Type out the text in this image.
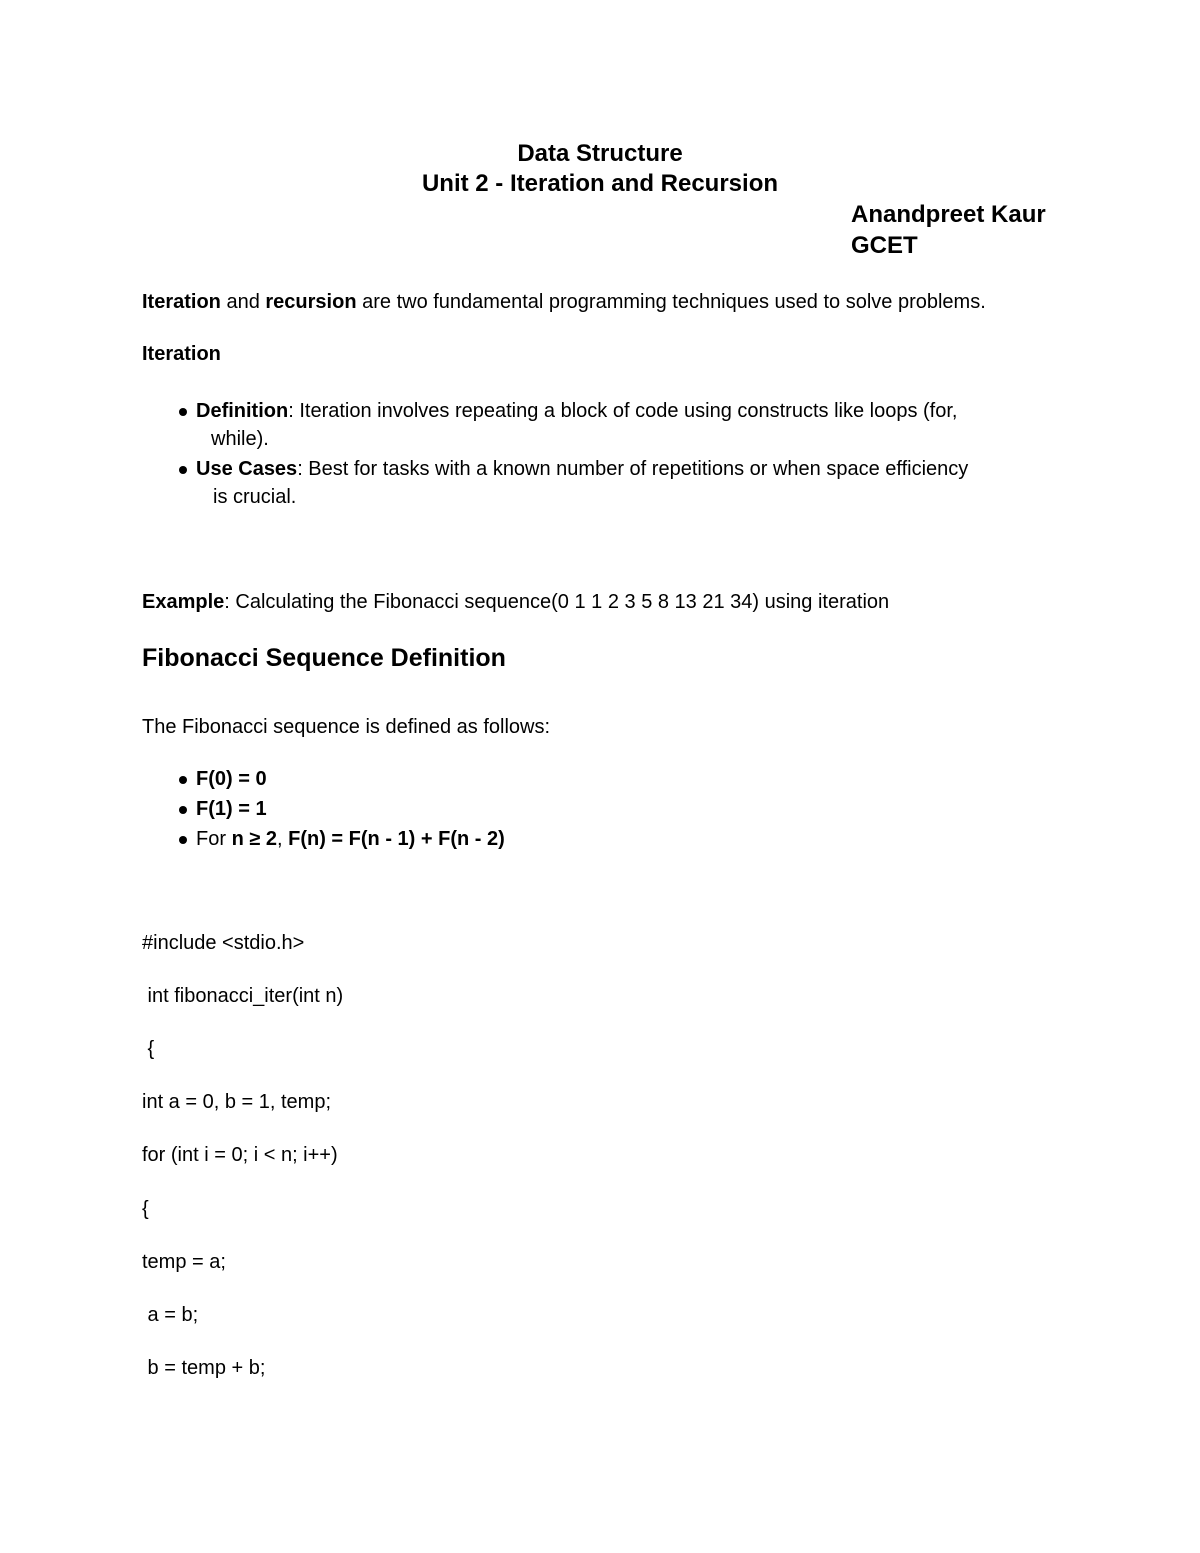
Data Structure
Unit 2 - Iteration and Recursion
Anandpreet Kaur
GCET
Iteration and recursion are two fundamental programming techniques used to solve problems.
Iteration
Definition: Iteration involves repeating a block of code using constructs like loops (for,
while).
Use Cases: Best for tasks with a known number of repetitions or when space efficiency
is crucial.
Example: Calculating the Fibonacci sequence(0 1 1 2 3 5 8 13 21 34) using iteration
Fibonacci Sequence Definition
The Fibonacci sequence is defined as follows:
F(0) = 0
F(1) = 1
For n ≥ 2, F(n) = F(n - 1) + F(n - 2)
#include <stdio.h>
int fibonacci_iter(int n)
{
int a = 0, b = 1, temp;
for (int i = 0; i < n; i++)
{
temp = a;
a = b;
b = temp + b;
